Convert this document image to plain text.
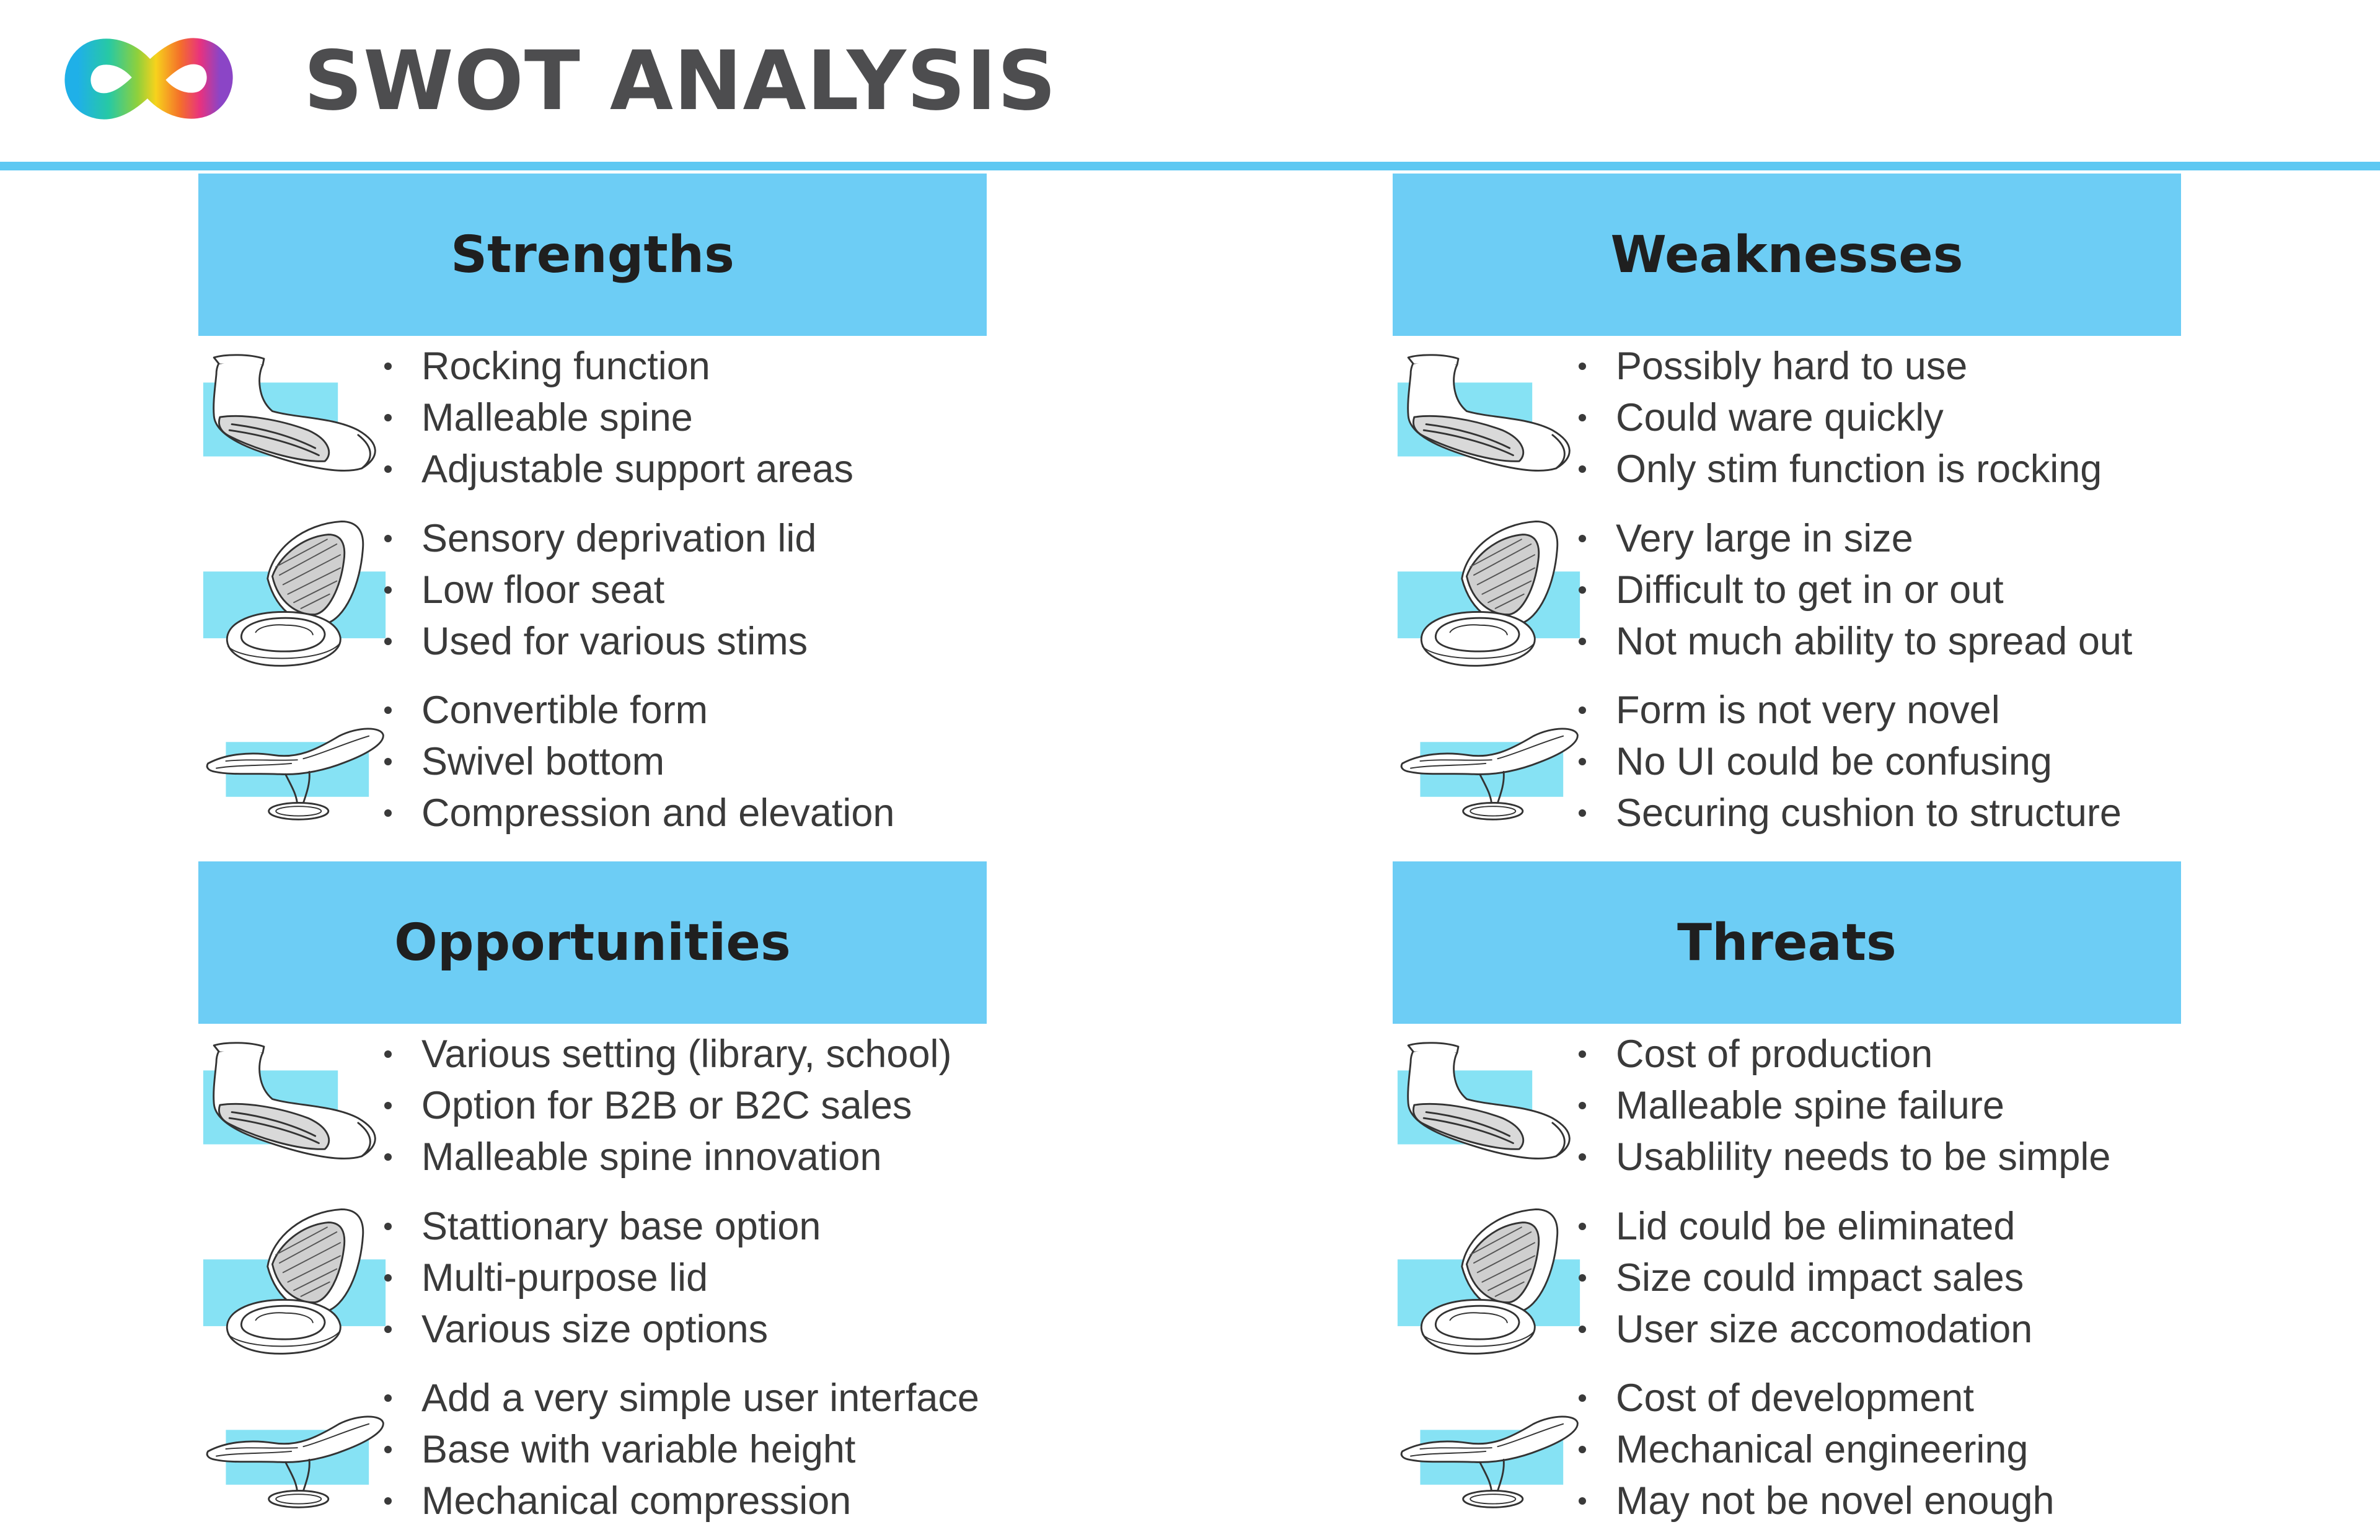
SWOT ANALYSIS
Strengths
Rocking function
Malleable spine
Adjustable support areas
Sensory deprivation lid
Low floor seat
Used for various stims
Convertible form
Swivel bottom
Compression and elevation
Weaknesses
Possibly hard to use
Could ware quickly
Only stim function is rocking
Very large in size
Difficult to get in or out
Not much ability to spread out
Form is not very novel
No UI could be confusing
Securing cushion to structure
Opportunities
Various setting (library, school)
Option for B2B or B2C sales
Malleable spine innovation
Stattionary base option
Multi-purpose lid
Various size options
Add a very simple user interface
Base with variable height
Mechanical compression
Threats
Cost of production
Malleable spine failure
Usablility needs to be simple
Lid could be eliminated
Size could impact sales
User size accomodation
Cost of development
Mechanical engineering
May not be novel enough
